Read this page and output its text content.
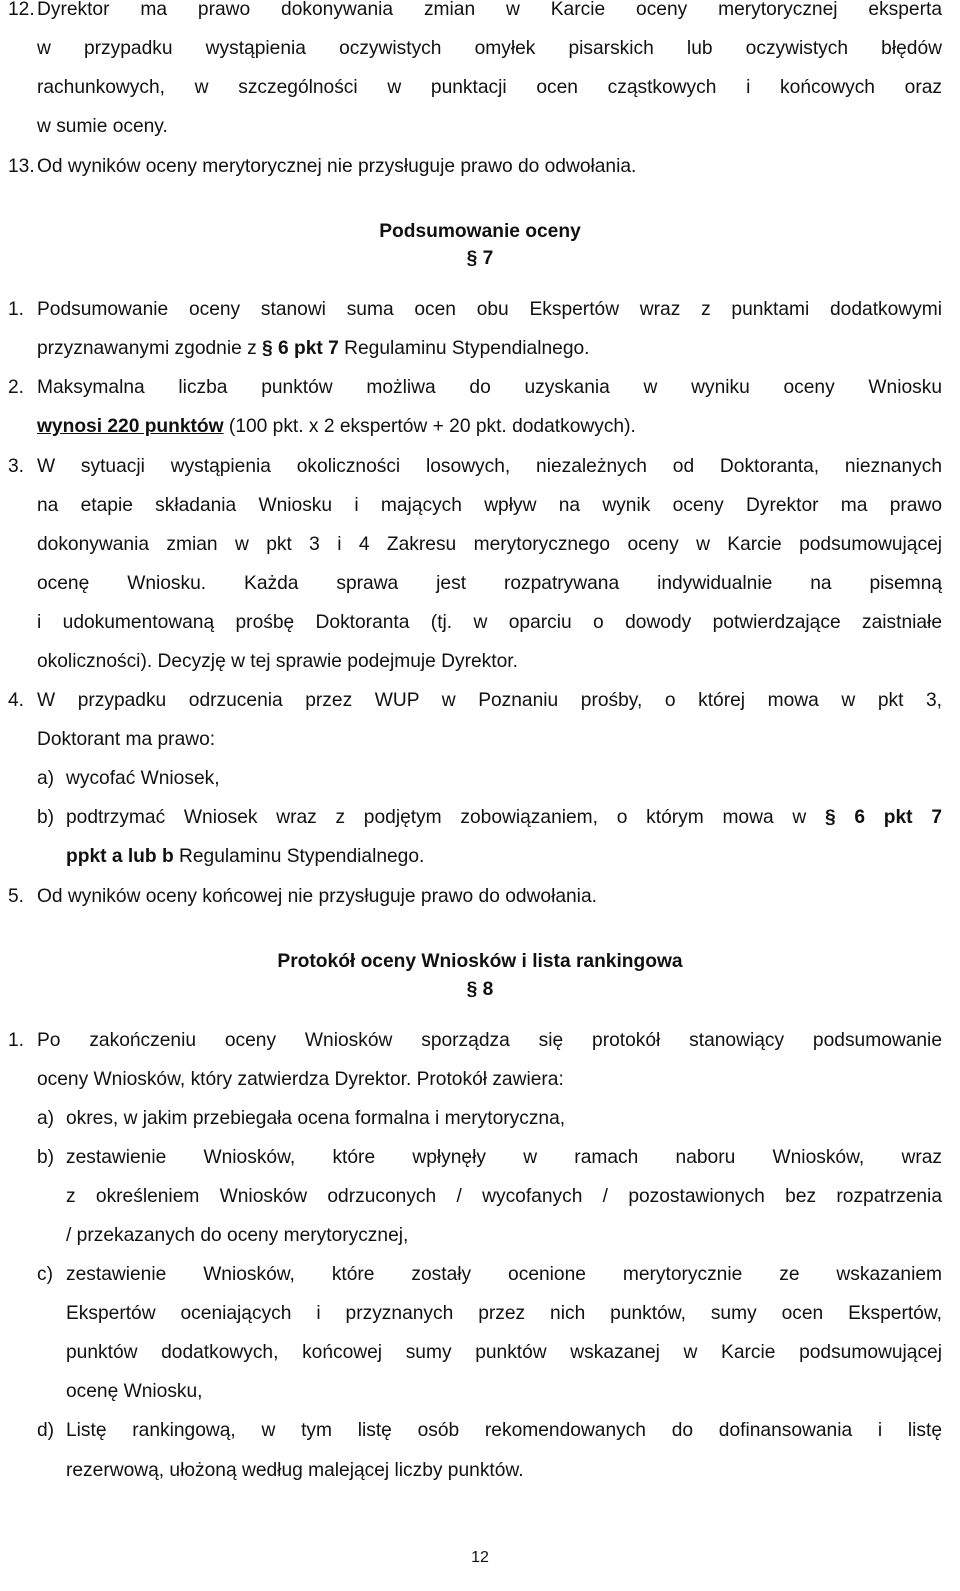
12. Dyrektor ma prawo dokonywania zmian w Karcie oceny merytorycznej eksperta
w przypadku wystąpienia oczywistych omyłek pisarskich lub oczywistych błędów
rachunkowych, w szczególności w punktacji ocen cząstkowych i końcowych oraz
w sumie oceny.
13. Od wyników oceny merytorycznej nie przysługuje prawo do odwołania.
Podsumowanie oceny
§ 7
1. Podsumowanie oceny stanowi suma ocen obu Ekspertów wraz z punktami dodatkowymi
przyznawanymi zgodnie z § 6 pkt 7 Regulaminu Stypendialnego.
2. Maksymalna liczba punktów możliwa do uzyskania w wyniku oceny Wniosku
wynosi 220 punktów (100 pkt. x 2 ekspertów + 20 pkt. dodatkowych).
3. W sytuacji wystąpienia okoliczności losowych, niezależnych od Doktoranta, nieznanych
na etapie składania Wniosku i mających wpływ na wynik oceny Dyrektor ma prawo
dokonywania zmian w pkt 3 i 4 Zakresu merytorycznego oceny w Karcie podsumowującej
ocenę Wniosku. Każda sprawa jest rozpatrywana indywidualnie na pisemną
i udokumentowaną prośbę Doktoranta (tj. w oparciu o dowody potwierdzające zaistniałe
okoliczności). Decyzję w tej sprawie podejmuje Dyrektor.
4. W przypadku odrzucenia przez WUP w Poznaniu prośby, o której mowa w pkt 3,
Doktorant ma prawo:
a) wycofać Wniosek,
b) podtrzymać Wniosek wraz z podjętym zobowiązaniem, o którym mowa w § 6 pkt 7
ppkt a lub b Regulaminu Stypendialnego.
5. Od wyników oceny końcowej nie przysługuje prawo do odwołania.
Protokół oceny Wniosków i lista rankingowa
§ 8
1. Po zakończeniu oceny Wniosków sporządza się protokół stanowiący podsumowanie
oceny Wniosków, który zatwierdza Dyrektor. Protokół zawiera:
a) okres, w jakim przebiegała ocena formalna i merytoryczna,
b) zestawienie Wniosków, które wpłynęły w ramach naboru Wniosków, wraz
z określeniem Wniosków odrzuconych / wycofanych / pozostawionych bez rozpatrzenia
/ przekazanych do oceny merytorycznej,
c) zestawienie Wniosków, które zostały ocenione merytorycznie ze wskazaniem
Ekspertów oceniających i przyznanych przez nich punktów, sumy ocen Ekspertów,
punktów dodatkowych, końcowej sumy punktów wskazanej w Karcie podsumowującej
ocenę Wniosku,
d) Listę rankingową, w tym listę osób rekomendowanych do dofinansowania i listę
rezerwową, ułożoną według malejącej liczby punktów.
12
